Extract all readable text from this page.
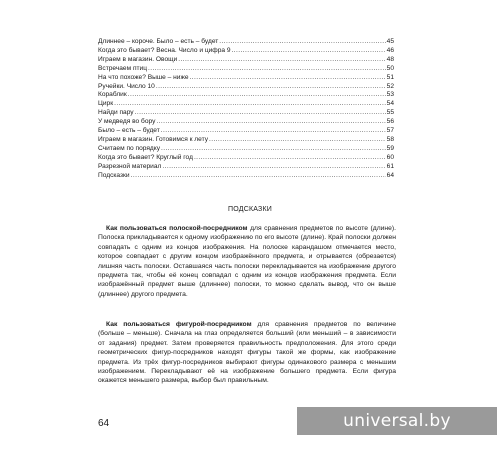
Длиннее – короче. Было – есть – будет .....	45
Когда это бывает? Весна. Число и цифра 9 .....	46
Играем в магазин. Овощи .....	48
Встречаем птиц .....	50
На что похоже? Выше – ниже .....	51
Ручейки. Число 10 .....	52
Кораблик .....	53
Цирк .....	54
Найди пару .....	55
У медведя во бору .....	56
Было – есть – будет .....	57
Играем в магазин. Готовимся к лету .....	58
Считаем по порядку .....	59
Когда это бывает? Круглый год .....	60
Разрезной материал .....	61
Подсказки .....	64
ПОДСКАЗКИ

Как пользоваться полоской-посредником для сравнения предметов по высоте (длине). Полоска прикладывается к одному изображению по его высоте (длине). Край полоски должен совпадать с одним из концов изображения. На полоске карандашом отмечается место, которое совпадает с другим концом изображённого предмета, и отрывается (обрезается) лишняя часть полоски. Оставшаяся часть полоски перекладывается на изображение другого предмета так, чтобы её конец совпадал с одним из концов изображения предмета. Если изображённый предмет выше (длиннее) полоски, то можно сделать вывод, что он выше (длиннее) другого предмета.

Как пользоваться фигурой-посредником для сравнения предметов по величине (больше – меньше). Сначала на глаз определяется больший (или меньший – в зависимости от задания) предмет. Затем проверяется правильность предположения. Для этого среди геометрических фигур-посредников находят фигуры такой же формы, как изображение предмета. Из трёх фигур-посредников выбирают фигуры одинакового размера с меньшим изображением. Перекладывают её на изображение большего предмета. Если фигура окажется меньшего размера, выбор был правильным.

64	universal.by
